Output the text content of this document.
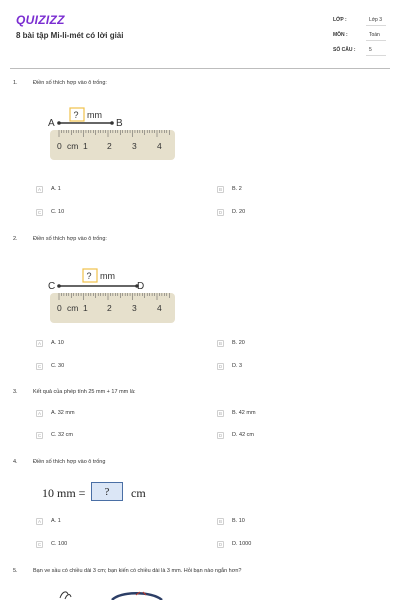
QUIZIZZ
8 bài tập Mi-li-mét có lời giải
LỚP :	Lớp 3
MÔN :	Toán
SỐ CÂU :	5
1.	Điền số thích hợp vào ô trống:
A	B
? mm
0 cm 1 2 3 4
A	A. 1	B	B. 2
C	C. 10	D	D. 20
2.	Điền số thích hợp vào ô trống:
C	D
? mm
0 cm 1 2 3 4
A	A. 10	B	B. 20
C	C. 30	D	D. 3
3.	Kết quả của phép tính 25 mm + 17 mm là:
A	A. 32 mm	B	B. 42 mm
C	C. 32 cm	D	D. 42 cm
4.	Điền số thích hợp vào ô trống
10 mm = ? cm
A	A. 1	B	B. 10
C	C. 100	D	D. 1000
5.	Bạn ve sầu có chiều dài 3 cm; bạn kiến có chiều dài là 3 mm. Hỏi bạn nào ngắn hơn?
